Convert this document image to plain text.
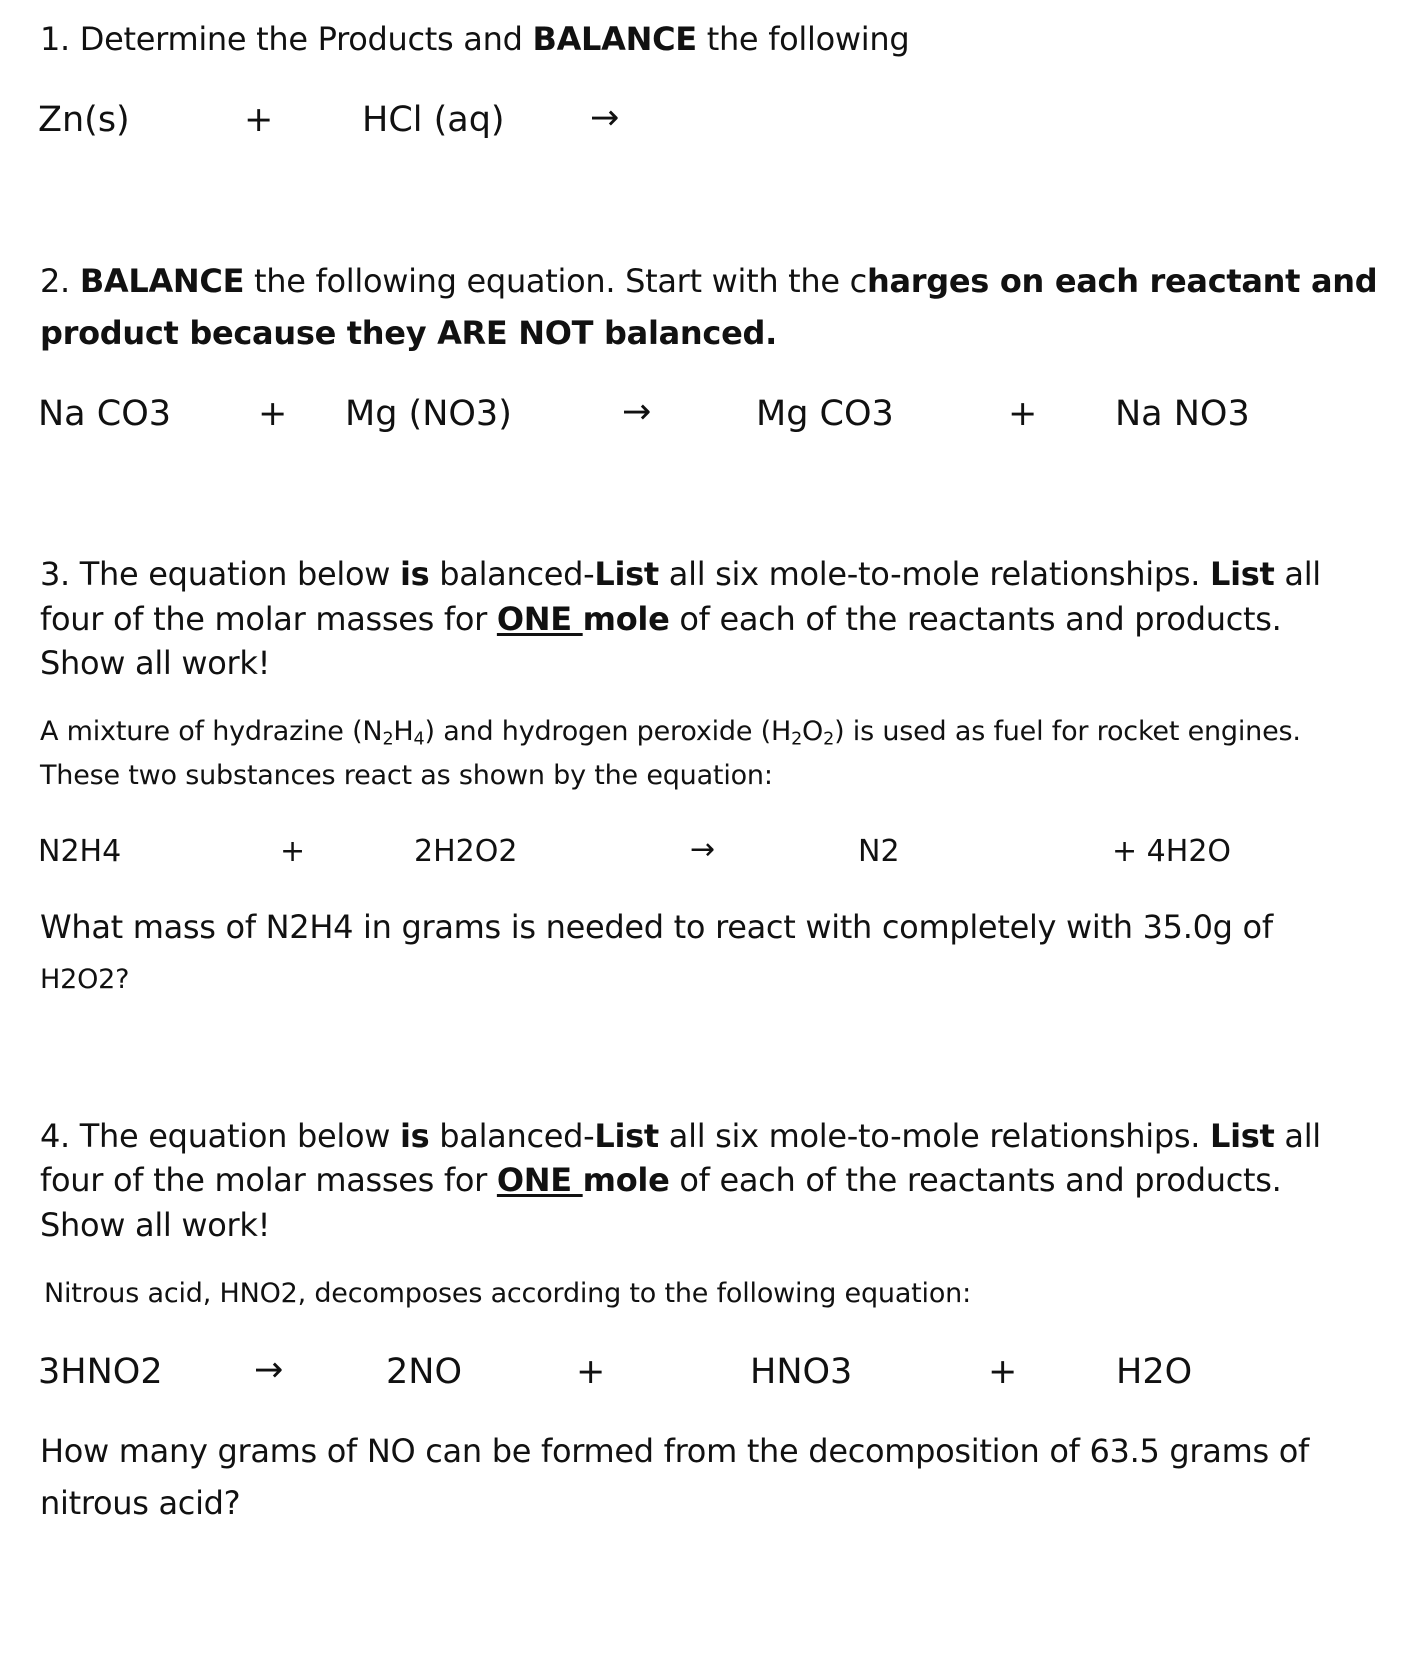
1. Determine the Products and BALANCE the following
Zn(s)	+	HCl (aq) →
2. BALANCE the following equation. Start with the charges on each reactant and
product because they ARE NOT balanced.
Na CO3 + Mg (NO3)	→	Mg CO3	+ Na NO3
3. The equation below is balanced-List all six mole-to-mole relationships. List all
four of the molar masses for ONE mole of each of the reactants and products.
Show all work!
A mixture of hydrazine $(N_2H_4)$ and hydrogen peroxide $(H_2O_2)$ is used as fuel for rocket engines.
These two substances react as shown by the equation:
N2H4	+	2H2O2	→	N2	+ 4H2O
What mass of N2H4 in grams is needed to react with completely with 35.0g of
H2O2?
4. The equation below is balanced-List all six mole-to-mole relationships. List all
four of the molar masses for ONE mole of each of the reactants and products.
Show all work!
Nitrous acid, HNO2, decomposes according to the following equation:
3HNO2	→	2NO	+	HNO3	+	H2O
How many grams of NO can be formed from the decomposition of 63.5 grams of
nitrous acid?
